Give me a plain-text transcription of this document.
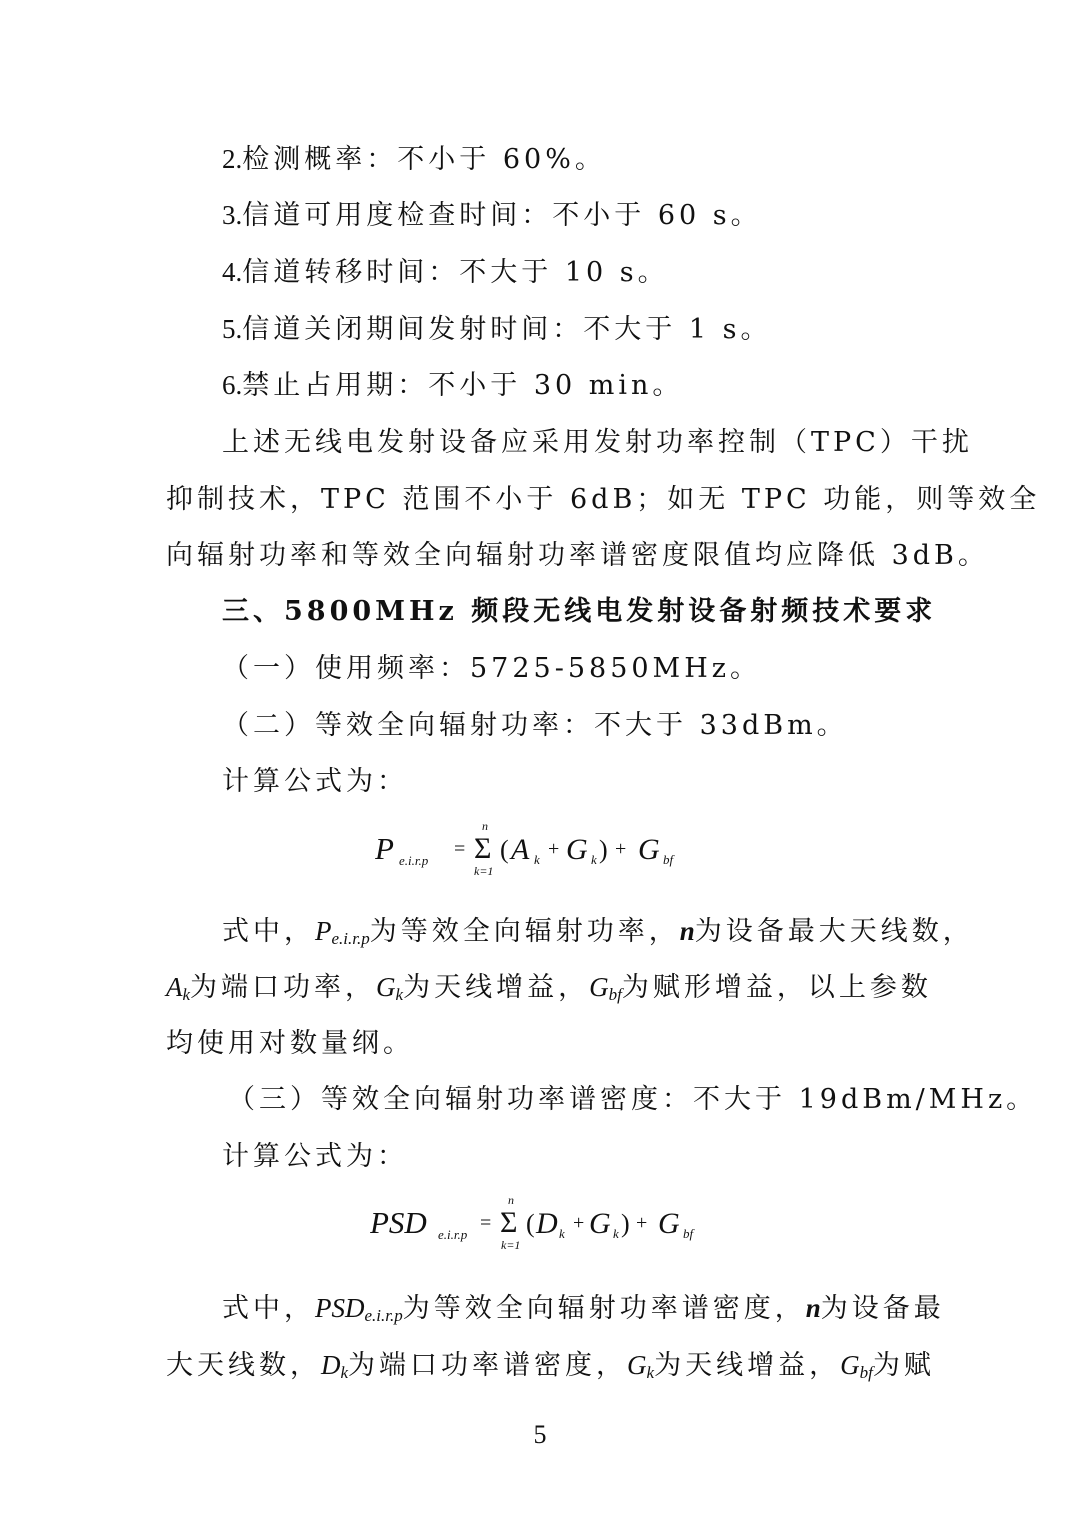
2.检测概率：不小于 60%。

3.信道可用度检查时间：不小于 60 s。

4.信道转移时间：不大于 10 s。

5.信道关闭期间发射时间：不大于 1 s。

6.禁止占用期：不小于 30 min。

上述无线电发射设备应采用发射功率控制（TPC）干扰

抑制技术，TPC 范围不小于 6dB；如无 TPC 功能，则等效全

向辐射功率和等效全向辐射功率谱密度限值均应降低 3dB。

三、5800MHz 频段无线电发射设备射频技术要求

（一）使用频率：5725-5850MHz。

（二）等效全向辐射功率：不大于 33dBm。

计算公式为：

P e.i.r.p
=
n
Σ
k=1
( A k + G k ) + G bf

式中，$P_{e.i.r.p}$为等效全向辐射功率，n为设备最大天线数，

$A_k$为端口功率，$G_k$为天线增益，$G_{bf}$为赋形增益，以上参数

均使用对数量纲。

（三）等效全向辐射功率谱密度：不大于 19dBm/MHz。

计算公式为：

PSD e.i.r.p
=
n
Σ
k=1
( D k + G k ) + G bf

式中，$PSD_{e.i.r.p}$为等效全向辐射功率谱密度，n为设备最

大天线数，$D_k$为端口功率谱密度，$G_k$为天线增益，$G_{bf}$为赋

5
